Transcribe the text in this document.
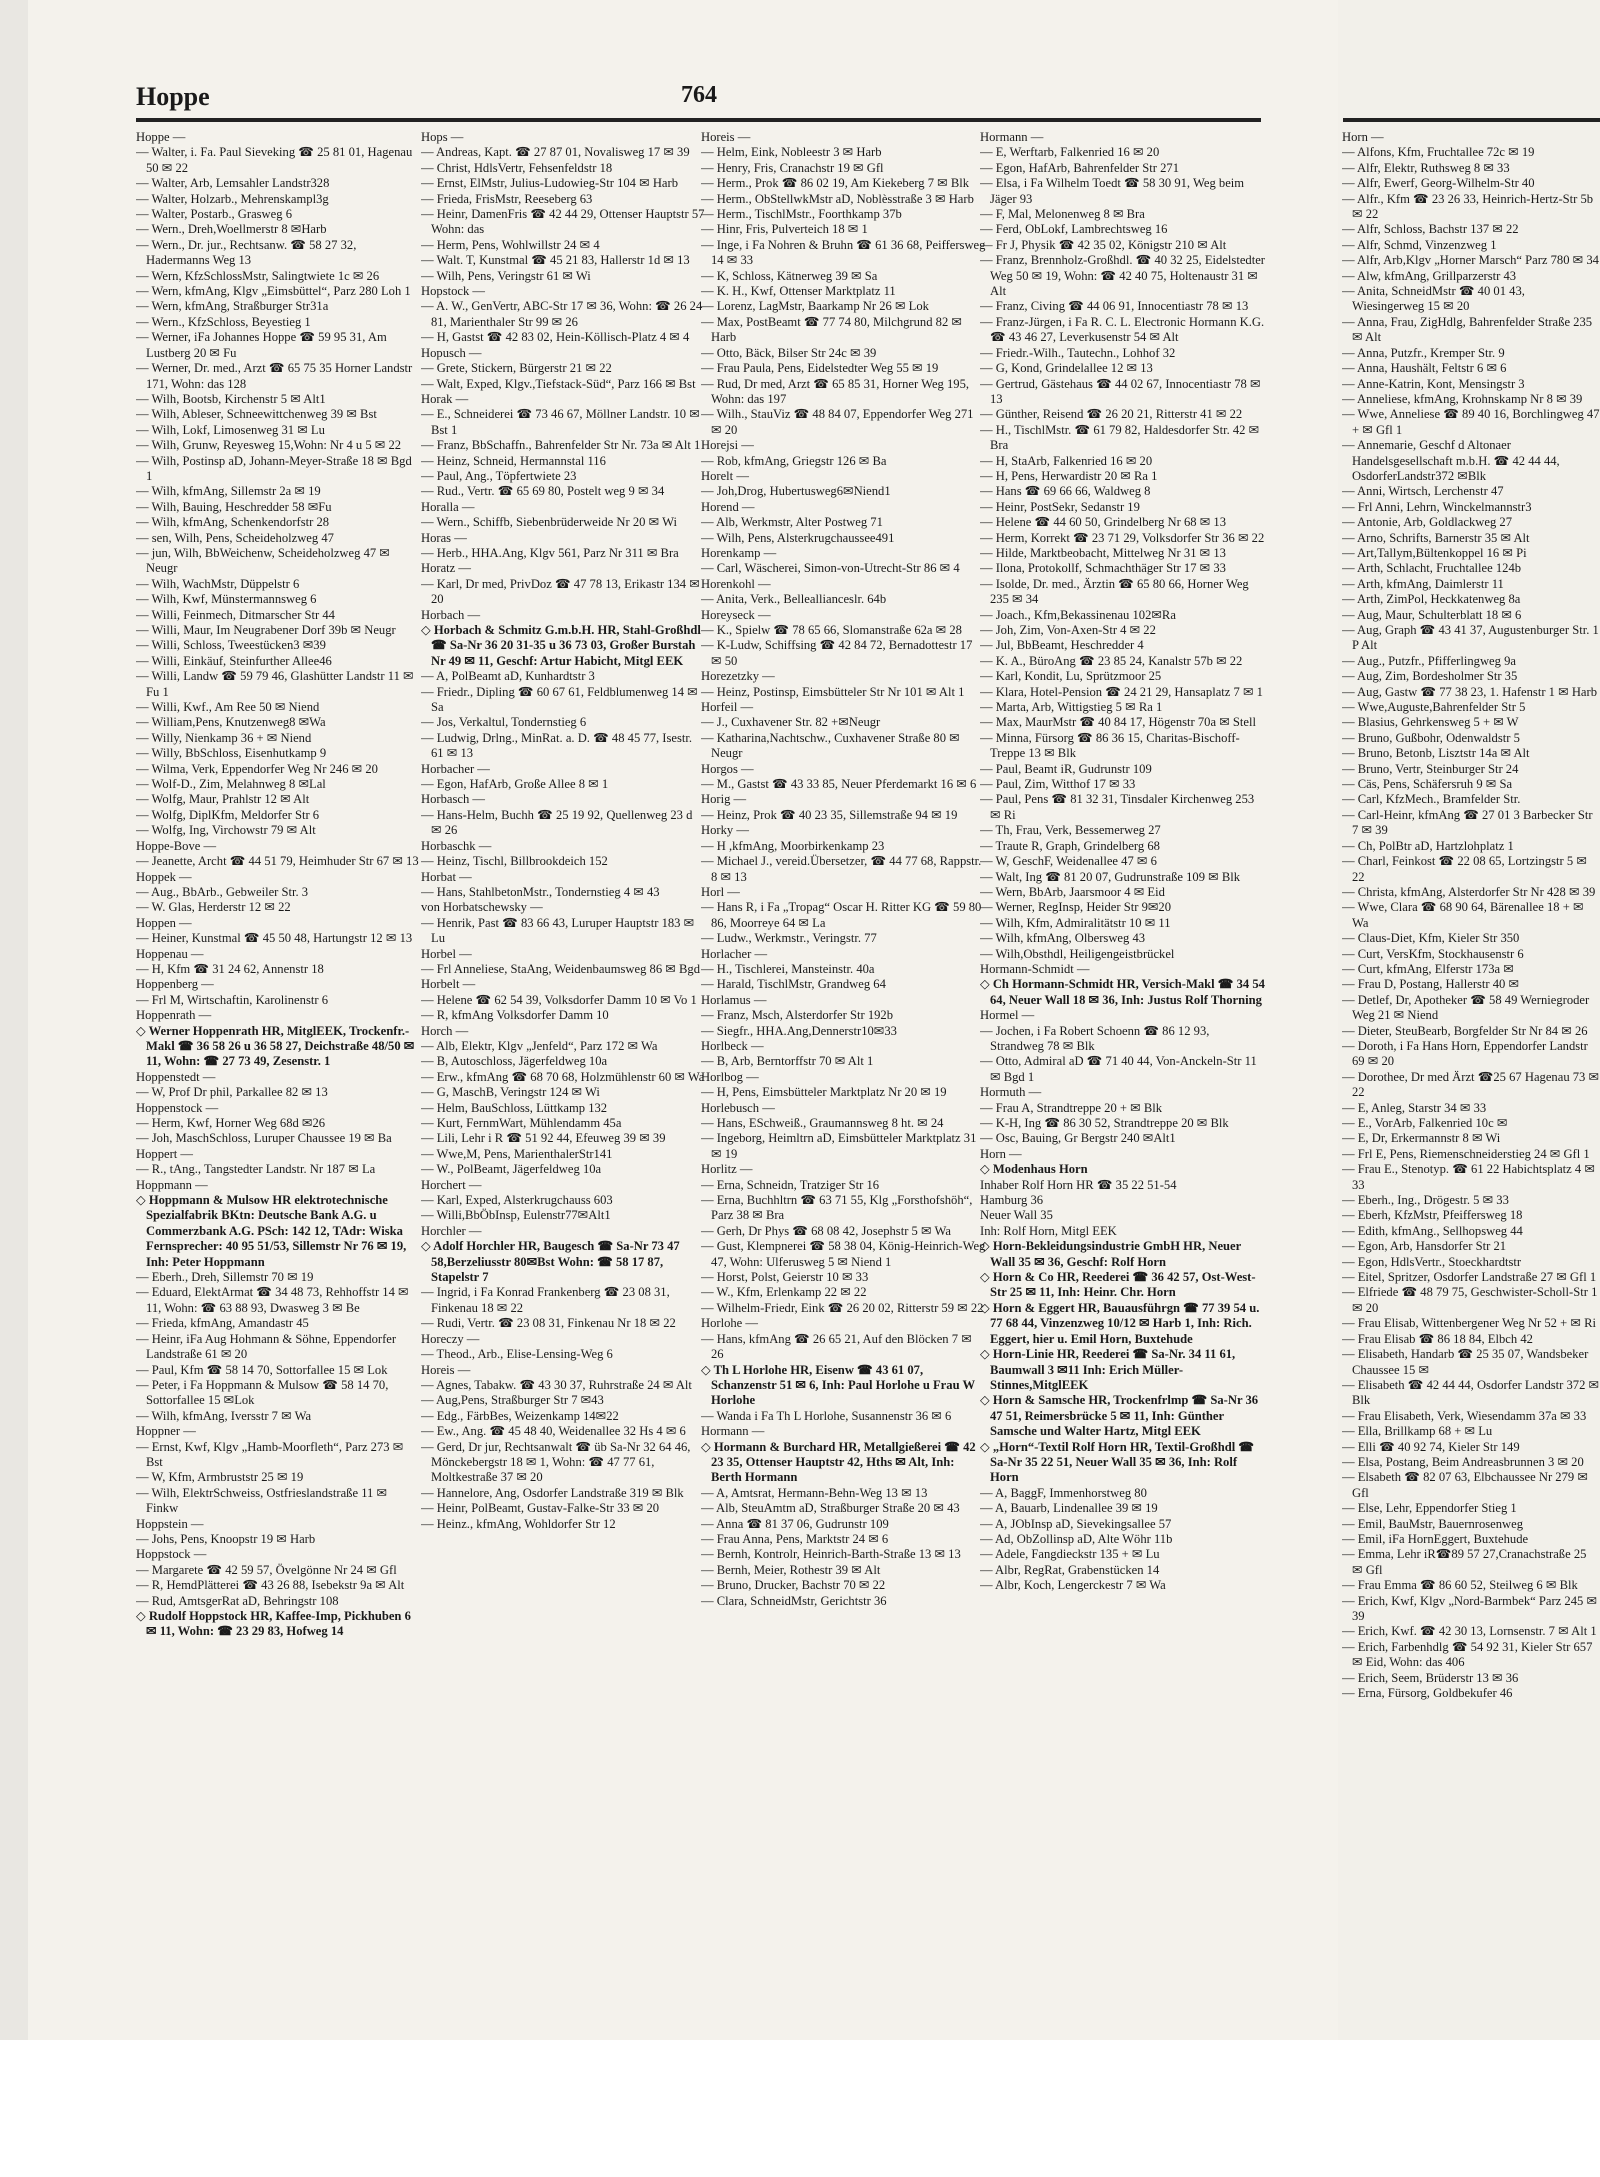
Hoppe	764

Hoppe —

— Walter, i. Fa. Paul Sieveking ☎ 25 81 01, Hagenau 50 ✉ 22

— Walter, Arb, Lemsahler Landstr328

— Walter, Holzarb., Mehrenskampl3g

— Walter, Postarb., Grasweg 6

— Wern., Dreh,Woellmerstr 8 ✉Harb

— Wern., Dr. jur., Rechtsanw. ☎ 58 27 32, Hadermanns Weg 13

— Wern, KfzSchlossMstr, Salingtwiete 1c ✉ 26

— Wern, kfmAng, Klgv „Eimsbüttel“, Parz 280 Loh 1

— Wern, kfmAng, Straßburger Str31a

— Wern., KfzSchloss, Beyestieg 1

— Werner, iFa Johannes Hoppe ☎ 59 95 31, Am Lustberg 20 ✉ Fu

— Werner, Dr. med., Arzt ☎ 65 75 35 Horner Landstr 171, Wohn: das 128

— Wilh, Bootsb, Kirchenstr 5 ✉ Alt1

— Wilh, Ableser, Schneewittchenweg 39 ✉ Bst

— Wilh, Lokf, Limosenweg 31 ✉ Lu

— Wilh, Grunw, Reyesweg 15,Wohn: Nr 4 u 5 ✉ 22

— Wilh, Postinsp aD, Johann-Meyer-Straße 18 ✉ Bgd 1

— Wilh, kfmAng, Sillemstr 2a ✉ 19

— Wilh, Bauing, Heschredder 58 ✉Fu

— Wilh, kfmAng, Schenkendorfstr 28

— sen, Wilh, Pens, Scheideholzweg 47

— jun, Wilh, BbWeichenw, Scheideholzweg 47 ✉ Neugr

— Wilh, WachMstr, Düppelstr 6

— Wilh, Kwf, Münstermannsweg 6

— Willi, Feinmech, Ditmarscher Str 44

— Willi, Maur, Im Neugrabener Dorf 39b ✉ Neugr

— Willi, Schloss, Tweestücken3 ✉39

— Willi, Einkäuf, Steinfurther Allee46

— Willi, Landw ☎ 59 79 46, Glashütter Landstr 11 ✉ Fu 1

— Willi, Kwf., Am Ree 50 ✉ Niend

— William,Pens, Knutzenweg8 ✉Wa

— Willy, Nienkamp 36 + ✉ Niend

— Willy, BbSchloss, Eisenhutkamp 9

— Wilma, Verk, Eppendorfer Weg Nr 246 ✉ 20

— Wolf-D., Zim, Melahnweg 8 ✉Lal

— Wolfg, Maur, Prahlstr 12 ✉ Alt

— Wolfg, DiplKfm, Meldorfer Str 6

— Wolfg, Ing, Virchowstr 79 ✉ Alt

Hoppe-Bove —

— Jeanette, Archt ☎ 44 51 79, Heimhuder Str 67 ✉ 13

Hoppek —

— Aug., BbArb., Gebweiler Str. 3

— W. Glas, Herderstr 12 ✉ 22

Hoppen —

— Heiner, Kunstmal ☎ 45 50 48, Hartungstr 12 ✉ 13

Hoppenau —

— H, Kfm ☎ 31 24 62, Annenstr 18

Hoppenberg —

— Frl M, Wirtschaftin, Karolinenstr 6

Hoppenrath —

◇ Werner Hoppenrath HR, MitglEEK, Trockenfr.-Makl ☎ 36 58 26 u 36 58 27, Deichstraße 48/50 ✉ 11, Wohn: ☎ 27 73 49, Zesenstr. 1

Hoppenstedt —

— W, Prof Dr phil, Parkallee 82 ✉ 13

Hoppenstock —

— Herm, Kwf, Horner Weg 68d ✉26

— Joh, MaschSchloss, Luruper Chaussee 19 ✉ Ba

Hoppert —

— R., tAng., Tangstedter Landstr. Nr 187 ✉ La

Hoppmann —

◇ Hoppmann & Mulsow HR elektrotechnische Spezialfabrik BKtn: Deutsche Bank A.G. u Commerzbank A.G. PSch: 142 12, TAdr: Wiska Fernsprecher: 40 95 51/53, Sillemstr Nr 76 ✉ 19, Inh: Peter Hoppmann

— Eberh., Dreh, Sillemstr 70 ✉ 19

— Eduard, ElektArmat ☎ 34 48 73, Rehhoffstr 14 ✉ 11, Wohn: ☎ 63 88 93, Dwasweg 3 ✉ Be

— Frieda, kfmAng, Amandastr 45

— Heinr, iFa Aug Hohmann & Söhne, Eppendorfer Landstraße 61 ✉ 20

— Paul, Kfm ☎ 58 14 70, Sottorfallee 15 ✉ Lok

— Peter, i Fa Hoppmann & Mulsow ☎ 58 14 70, Sottorfallee 15 ✉Lok

— Wilh, kfmAng, Iversstr 7 ✉ Wa

Hoppner —

— Ernst, Kwf, Klgv „Hamb-Moorfleth“, Parz 273 ✉ Bst

— W, Kfm, Armbruststr 25 ✉ 19

— Wilh, ElektrSchweiss, Ostfrieslandstraße 11 ✉ Finkw

Hoppstein —

— Johs, Pens, Knoopstr 19 ✉ Harb

Hoppstock —

— Margarete ☎ 42 59 57, Övelgönne Nr 24 ✉ Gfl

— R, HemdPlätterei ☎ 43 26 88, Isebekstr 9a ✉ Alt

— Rud, AmtsgerRat aD, Behringstr 108

◇ Rudolf Hoppstock HR, Kaffee-Imp, Pickhuben 6 ✉ 11, Wohn: ☎ 23 29 83, Hofweg 14

Hops —

— Andreas, Kapt. ☎ 27 87 01, Novalisweg 17 ✉ 39

— Christ, HdlsVertr, Fehsenfeldstr 18

— Ernst, ElMstr, Julius-Ludowieg-Str 104 ✉ Harb

— Frieda, FrisMstr, Reeseberg 63

— Heinr, DamenFris ☎ 42 44 29, Ottenser Hauptstr 57 Wohn: das

— Herm, Pens, Wohlwillstr 24 ✉ 4

— Walt. T, Kunstmal ☎ 45 21 83, Hallerstr 1d ✉ 13

— Wilh, Pens, Veringstr 61 ✉ Wi

Hopstock —

— A. W., GenVertr, ABC-Str 17 ✉ 36, Wohn: ☎ 26 24 81, Marienthaler Str 99 ✉ 26

— H, Gastst ☎ 42 83 02, Hein-Köllisch-Platz 4 ✉ 4

Hopusch —

— Grete, Stickern, Bürgerstr 21 ✉ 22

— Walt, Exped, Klgv.,Tiefstack-Süd“, Parz 166 ✉ Bst

Horak —

— E., Schneiderei ☎ 73 46 67, Möllner Landstr. 10 ✉ Bst 1

— Franz, BbSchaffn., Bahrenfelder Str Nr. 73a ✉ Alt 1

— Heinz, Schneid, Hermannstal 116

— Paul, Ang., Töpfertwiete 23

— Rud., Vertr. ☎ 65 69 80, Postelt weg 9 ✉ 34

Horalla —

— Wern., Schiffb, Siebenbrüderweide Nr 20 ✉ Wi

Horas —

— Herb., HHA.Ang, Klgv 561, Parz Nr 311 ✉ Bra

Horatz —

— Karl, Dr med, PrivDoz ☎ 47 78 13, Erikastr 134 ✉ 20

Horbach —

◇ Horbach & Schmitz G.m.b.H. HR, Stahl-Großhdl ☎ Sa-Nr 36 20 31-35 u 36 73 03, Großer Burstah Nr 49 ✉ 11, Geschf: Artur Habicht, Mitgl EEK

— A, PolBeamt aD, Kunhardtstr 3

— Friedr., Dipling ☎ 60 67 61, Feldblumenweg 14 ✉ Sa

— Jos, Verkaltul, Tondernstieg 6

— Ludwig, Drlng., MinRat. a. D. ☎ 48 45 77, Isestr. 61 ✉ 13

Horbacher —

— Egon, HafArb, Große Allee 8 ✉ 1

Horbasch —

— Hans-Helm, Buchh ☎ 25 19 92, Quellenweg 23 d ✉ 26

Horbaschk —

— Heinz, Tischl, Billbrookdeich 152

Horbat —

— Hans, StahlbetonMstr., Tondernstieg 4 ✉ 43

von Horbatschewsky —

— Henrik, Past ☎ 83 66 43, Luruper Hauptstr 183 ✉ Lu

Horbel —

— Frl Anneliese, StaAng, Weidenbaumsweg 86 ✉ Bgd

Horbelt —

— Helene ☎ 62 54 39, Volksdorfer Damm 10 ✉ Vo 1

— R, kfmAng Volksdorfer Damm 10

Horch —

— Alb, Elektr, Klgv „Jenfeld“, Parz 172 ✉ Wa

— B, Autoschloss, Jägerfeldweg 10a

— Erw., kfmAng ☎ 68 70 68, Holzmühlenstr 60 ✉ Wa

— G, MaschB, Veringstr 124 ✉ Wi

— Helm, BauSchloss, Lüttkamp 132

— Kurt, FernmWart, Mühlendamm 45a

— Lili, Lehr i R ☎ 51 92 44, Efeuweg 39 ✉ 39

— Wwe,M, Pens, MarienthalerStr141

— W., PolBeamt, Jägerfeldweg 10a

Horchert —

— Karl, Exped, Alsterkrugchauss 603

— Willi,BbÖbInsp, Eulenstr77✉Alt1

Horchler —

◇ Adolf Horchler HR, Baugesch ☎ Sa-Nr 73 47 58,Berzeliusstr 80✉Bst Wohn: ☎ 58 17 87, Stapelstr 7

— Ingrid, i Fa Konrad Frankenberg ☎ 23 08 31, Finkenau 18 ✉ 22

— Rudi, Vertr. ☎ 23 08 31, Finkenau Nr 18 ✉ 22

Horeczy —

— Theod., Arb., Elise-Lensing-Weg 6

Horeis —

— Agnes, Tabakw. ☎ 43 30 37, Ruhrstraße 24 ✉ Alt

— Aug,Pens, Straßburger Str 7 ✉43

— Edg., FärbBes, Weizenkamp 14✉22

— Ew., Ang. ☎ 45 48 40, Weidenallee 32 Hs 4 ✉ 6

— Gerd, Dr jur, Rechtsanwalt ☎ üb Sa-Nr 32 64 46, Mönckebergstr 18 ✉ 1, Wohn: ☎ 47 77 61, Moltkestraße 37 ✉ 20

— Hannelore, Ang, Osdorfer Landstraße 319 ✉ Blk

— Heinr, PolBeamt, Gustav-Falke-Str 33 ✉ 20

— Heinz., kfmAng, Wohldorfer Str 12

Horeis —

— Helm, Eink, Nobleestr 3 ✉ Harb

— Henry, Fris, Cranachstr 19 ✉ Gfl

— Herm., Prok ☎ 86 02 19, Am Kiekeberg 7 ✉ Blk

— Herm., ObStellwkMstr aD, Noblèsstraße 3 ✉ Harb

— Herm., TischlMstr., Foorthkamp 37b

— Hinr, Fris, Pulverteich 18 ✉ 1

— Inge, i Fa Nohren & Bruhn ☎ 61 36 68, Peiffersweg 14 ✉ 33

— K, Schloss, Kätnerweg 39 ✉ Sa

— K. H., Kwf, Ottenser Marktplatz 11

— Lorenz, LagMstr, Baarkamp Nr 26 ✉ Lok

— Max, PostBeamt ☎ 77 74 80, Milchgrund 82 ✉ Harb

— Otto, Bäck, Bilser Str 24c ✉ 39

— Frau Paula, Pens, Eidelstedter Weg 55 ✉ 19

— Rud, Dr med, Arzt ☎ 65 85 31, Horner Weg 195, Wohn: das 197

— Wilh., StauViz ☎ 48 84 07, Eppendorfer Weg 271 ✉ 20

Horejsi —

— Rob, kfmAng, Griegstr 126 ✉ Ba

Horelt —

— Joh,Drog, Hubertusweg6✉Niend1

Horend —

— Alb, Werkmstr, Alter Postweg 71

— Wilh, Pens, Alsterkrugchaussee491

Horenkamp —

— Carl, Wäscherei, Simon-von-Utrecht-Str 86 ✉ 4

Horenkohl —

— Anita, Verk., Belleallianceslr. 64b

Horeyseck —

— K., Spielw ☎ 78 65 66, Slomanstraße 62a ✉ 28

— K-Ludw, Schiffsing ☎ 42 84 72, Bernadottestr 17 ✉ 50

Horezetzky —

— Heinz, Postinsp, Eimsbütteler Str Nr 101 ✉ Alt 1

Horfeil —

— J., Cuxhavener Str. 82 +✉Neugr

— Katharina,Nachtschw., Cuxhavener Straße 80 ✉ Neugr

Horgos —

— M., Gastst ☎ 43 33 85, Neuer Pferdemarkt 16 ✉ 6

Horig —

— Heinz, Prok ☎ 40 23 35, Sillemstraße 94 ✉ 19

Horky —

— H ,kfmAng, Moorbirkenkamp 23

— Michael J., vereid.Übersetzer, ☎ 44 77 68, Rappstr. 8 ✉ 13

Horl —

— Hans R, i Fa „Tropag“ Oscar H. Ritter KG ☎ 59 80 86, Moorreye 64 ✉ La

— Ludw., Werkmstr., Veringstr. 77

Horlacher —

— H., Tischlerei, Mansteinstr. 40a

— Harald, TischlMstr, Grandweg 64

Horlamus —

— Franz, Msch, Alsterdorfer Str 192b

— Siegfr., HHA.Ang,Dennerstr10✉33

Horlbeck —

— B, Arb, Berntorffstr 70 ✉ Alt 1

Horlbog —

— H, Pens, Eimsbütteler Marktplatz Nr 20 ✉ 19

Horlebusch —

— Hans, ESchweiß., Graumannsweg 8 ht. ✉ 24

— Ingeborg, Heimltrn aD, Eimsbütteler Marktplatz 31 ✉ 19

Horlitz —

— Erna, Schneidn, Tratziger Str 16

— Erna, Buchhltrn ☎ 63 71 55, Klg „Forsthofshöh“, Parz 38 ✉ Bra

— Gerh, Dr Phys ☎ 68 08 42, Josephstr 5 ✉ Wa

— Gust, Klempnerei ☎ 58 38 04, König-Heinrich-Weg 47, Wohn: Ulferusweg 5 ✉ Niend 1

— Horst, Polst, Geierstr 10 ✉ 33

— W., Kfm, Erlenkamp 22 ✉ 22

— Wilhelm-Friedr, Eink ☎ 26 20 02, Ritterstr 59 ✉ 22

Horlohe —

— Hans, kfmAng ☎ 26 65 21, Auf den Blöcken 7 ✉ 26

◇ Th L Horlohe HR, Eisenw ☎ 43 61 07, Schanzenstr 51 ✉ 6, Inh: Paul Horlohe u Frau W Horlohe

— Wanda i Fa Th L Horlohe, Susannenstr 36 ✉ 6

Hormann —

◇ Hormann & Burchard HR, Metallgießerei ☎ 42 23 35, Ottenser Hauptstr 42, Hths ✉ Alt, Inh: Berth Hormann

— A, Amtsrat, Hermann-Behn-Weg 13 ✉ 13

— Alb, SteuAmtm aD, Straßburger Straße 20 ✉ 43

— Anna ☎ 81 37 06, Gudrunstr 109

— Frau Anna, Pens, Marktstr 24 ✉ 6

— Bernh, Kontrolr, Heinrich-Barth-Straße 13 ✉ 13

— Bernh, Meier, Rothestr 39 ✉ Alt

— Bruno, Drucker, Bachstr 70 ✉ 22

— Clara, SchneidMstr, Gerichtstr 36

Hormann —

— E, Werftarb, Falkenried 16 ✉ 20

— Egon, HafArb, Bahrenfelder Str 271

— Elsa, i Fa Wilhelm Toedt ☎ 58 30 91, Weg beim Jäger 93

— F, Mal, Melonenweg 8 ✉ Bra

— Ferd, ObLokf, Lambrechtsweg 16

— Fr J, Physik ☎ 42 35 02, Königstr 210 ✉ Alt

— Franz, Brennholz-Großhdl. ☎ 40 32 25, Eidelstedter Weg 50 ✉ 19, Wohn: ☎ 42 40 75, Holtenaustr 31 ✉ Alt

— Franz, Civing ☎ 44 06 91, Innocentiastr 78 ✉ 13

— Franz-Jürgen, i Fa R. C. L. Electronic Hormann K.G. ☎ 43 46 27, Leverkusenstr 54 ✉ Alt

— Friedr.-Wilh., Tautechn., Lohhof 32

— G, Kond, Grindelallee 12 ✉ 13

— Gertrud, Gästehaus ☎ 44 02 67, Innocentiastr 78 ✉ 13

— Günther, Reisend ☎ 26 20 21, Ritterstr 41 ✉ 22

— H., TischlMstr. ☎ 61 79 82, Haldesdorfer Str. 42 ✉ Bra

— H, StaArb, Falkenried 16 ✉ 20

— H, Pens, Herwardistr 20 ✉ Ra 1

— Hans ☎ 69 66 66, Waldweg 8

— Heinr, PostSekr, Sedanstr 19

— Helene ☎ 44 60 50, Grindelberg Nr 68 ✉ 13

— Herm, Korrekt ☎ 23 71 29, Volksdorfer Str 36 ✉ 22

— Hilde, Marktbeobacht, Mittelweg Nr 31 ✉ 13

— Ilona, Protokollf, Schmachthäger Str 17 ✉ 33

— Isolde, Dr. med., Ärztin ☎ 65 80 66, Horner Weg 235 ✉ 34

— Joach., Kfm,Bekassinenau 102✉Ra

— Joh, Zim, Von-Axen-Str 4 ✉ 22

— Jul, BbBeamt, Heschredder 4

— K. A., BüroAng ☎ 23 85 24, Kanalstr 57b ✉ 22

— Karl, Kondit, Lu, Sprützmoor 25

— Klara, Hotel-Pension ☎ 24 21 29, Hansaplatz 7 ✉ 1

— Marta, Arb, Wittigstieg 5 ✉ Ra 1

— Max, MaurMstr ☎ 40 84 17, Högenstr 70a ✉ Stell

— Minna, Fürsorg ☎ 86 36 15, Charitas-Bischoff-Treppe 13 ✉ Blk

— Paul, Beamt iR, Gudrunstr 109

— Paul, Zim, Witthof 17 ✉ 33

— Paul, Pens ☎ 81 32 31, Tinsdaler Kirchenweg 253 ✉ Ri

— Th, Frau, Verk, Bessemerweg 27

— Traute R, Graph, Grindelberg 68

— W, GeschF, Weidenallee 47 ✉ 6

— Walt, Ing ☎ 81 20 07, Gudrunstraße 109 ✉ Blk

— Wern, BbArb, Jaarsmoor 4 ✉ Eid

— Werner, RegInsp, Heider Str 9✉20

— Wilh, Kfm, Admiralitätstr 10 ✉ 11

— Wilh, kfmAng, Olbersweg 43

— Wilh,Obsthdl, Heiligengeistbrückel

Hormann-Schmidt —

◇ Ch Hormann-Schmidt HR, Versich-Makl ☎ 34 54 64, Neuer Wall 18 ✉ 36, Inh: Justus Rolf Thorning

Hormel —

— Jochen, i Fa Robert Schoenn ☎ 86 12 93, Strandweg 78 ✉ Blk

— Otto, Admiral aD ☎ 71 40 44, Von-Anckeln-Str 11 ✉ Bgd 1

Hormuth —

— Frau A, Strandtreppe 20 + ✉ Blk

— K-H, Ing ☎ 86 30 52, Strandtreppe 20 ✉ Blk

— Osc, Bauing, Gr Bergstr 240 ✉Alt1

Horn —

◇ Modenhaus Horn

Inhaber Rolf Horn HR ☎ 35 22 51-54

Hamburg 36

Neuer Wall 35

Inh: Rolf Horn, Mitgl EEK

◇ Horn-Bekleidungsindustrie GmbH HR, Neuer Wall 35 ✉ 36, Geschf: Rolf Horn

◇ Horn & Co HR, Reederei ☎ 36 42 57, Ost-West-Str 25 ✉ 11, Inh: Heinr. Chr. Horn

◇ Horn & Eggert HR, Bauausführgn ☎ 77 39 54 u. 77 68 44, Vinzenzweg 10/12 ✉ Harb 1, Inh: Rich. Eggert, hier u. Emil Horn, Buxtehude

◇ Horn-Linie HR, Reederei ☎ Sa-Nr. 34 11 61, Baumwall 3 ✉11 Inh: Erich Müller-Stinnes,MitglEEK

◇ Horn & Samsche HR, Trockenfrlmp ☎ Sa-Nr 36 47 51, Reimersbrücke 5 ✉ 11, Inh: Günther Samsche und Walter Hartz, Mitgl EEK

◇ „Horn“-Textil Rolf Horn HR, Textil-Großhdl ☎ Sa-Nr 35 22 51, Neuer Wall 35 ✉ 36, Inh: Rolf Horn

— A, BaggF, Immenhorstweg 80

— A, Bauarb, Lindenallee 39 ✉ 19

— A, JObInsp aD, Sievekingsallee 57

— Ad, ObZollinsp aD, Alte Wöhr 11b

— Adele, Fangdieckstr 135 + ✉ Lu

— Albr, RegRat, Grabenstücken 14

— Albr, Koch, Lengerckestr 7 ✉ Wa

Horn —

— Alfons, Kfm, Fruchtallee 72c ✉ 19

— Alfr, Elektr, Ruthsweg 8 ✉ 33

— Alfr, Ewerf, Georg-Wilhelm-Str 40

— Alfr., Kfm ☎ 23 26 33, Heinrich-Hertz-Str 5b ✉ 22

— Alfr, Schloss, Bachstr 137 ✉ 22

— Alfr, Schmd, Vinzenzweg 1

— Alfr, Arb,Klgv „Horner Marsch“ Parz 780 ✉ 34

— Alw, kfmAng, Grillparzerstr 43

— Anita, SchneidMstr ☎ 40 01 43, Wiesingerweg 15 ✉ 20

— Anna, Frau, ZigHdlg, Bahrenfelder Straße 235 ✉ Alt

— Anna, Putzfr., Kremper Str. 9

— Anna, Haushält, Feltstr 6 ✉ 6

— Anne-Katrin, Kont, Mensingstr 3

— Anneliese, kfmAng, Krohnskamp Nr 8 ✉ 39

— Wwe, Anneliese ☎ 89 40 16, Borchlingweg 47 + ✉ Gfl 1

— Annemarie, Geschf d Altonaer Handelsgesellschaft m.b.H. ☎ 42 44 44, OsdorferLandstr372 ✉Blk

— Anni, Wirtsch, Lerchenstr 47

— Frl Anni, Lehrn, Winckelmannstr3

— Antonie, Arb, Goldlackweg 27

— Arno, Schrifts, Barnerstr 35 ✉ Alt

— Art,Tallym,Bültenkoppel 16 ✉ Pi

— Arth, Schlacht, Fruchtallee 124b

— Arth, kfmAng, Daimlerstr 11

— Arth, ZimPol, Heckkatenweg 8a

— Aug, Maur, Schulterblatt 18 ✉ 6

— Aug, Graph ☎ 43 41 37, Augustenburger Str. 1 P Alt

— Aug., Putzfr., Pfifferlingweg 9a

— Aug, Zim, Bordesholmer Str 35

— Aug, Gastw ☎ 77 38 23, 1. Hafenstr 1 ✉ Harb

— Wwe,Auguste,Bahrenfelder Str 5

— Blasius, Gehrkensweg 5 + ✉ W

— Bruno, Gußbohr, Odenwaldstr 5

— Bruno, Betonb, Lisztstr 14a ✉ Alt

— Bruno, Vertr, Steinburger Str 24

— Cäs, Pens, Schäfersruh 9 ✉ Sa

— Carl, KfzMech., Bramfelder Str.

— Carl-Heinr, kfmAng ☎ 27 01 3 Barbecker Str 7 ✉ 39

— Ch, PolBtr aD, Hartzlohplatz 1

— Charl, Feinkost ☎ 22 08 65, Lortzingstr 5 ✉ 22

— Christa, kfmAng, Alsterdorfer Str Nr 428 ✉ 39

— Wwe, Clara ☎ 68 90 64, Bärenallee 18 + ✉ Wa

— Claus-Diet, Kfm, Kieler Str 350

— Curt, VersKfm, Stockhausenstr 6

— Curt, kfmAng, Elferstr 173a ✉

— Frau D, Postang, Hallerstr 40 ✉

— Detlef, Dr, Apotheker ☎ 58 49 Werniegroder Weg 21 ✉ Niend

— Dieter, SteuBearb, Borgfelder Str Nr 84 ✉ 26

— Doroth, i Fa Hans Horn, Eppendorfer Landstr 69 ✉ 20

— Dorothee, Dr med Ärzt ☎25 67 Hagenau 73 ✉ 22

— E, Anleg, Starstr 34 ✉ 33

— E., VorArb, Falkenried 10c ✉

— E, Dr, Erkermannstr 8 ✉ Wi

— Frl E, Pens, Riemenschneiderstieg 24 ✉ Gfl 1

— Frau E., Stenotyp. ☎ 61 22 Habichtsplatz 4 ✉ 33

— Eberh., Ing., Drögestr. 5 ✉ 33

— Eberh, KfzMstr, Pfeiffersweg 18

— Edith, kfmAng., Sellhopsweg 44

— Egon, Arb, Hansdorfer Str 21

— Egon, HdlsVertr., Stoeckhardtstr

— Eitel, Spritzer, Osdorfer Landstraße 27 ✉ Gfl 1

— Elfriede ☎ 48 79 75, Geschwister-Scholl-Str 1 ✉ 20

— Frau Elisab, Wittenbergener Weg Nr 52 + ✉ Ri

— Frau Elisab ☎ 86 18 84, Elbch 42

— Elisabeth, Handarb ☎ 25 35 07, Wandsbeker Chaussee 15 ✉

— Elisabeth ☎ 42 44 44, Osdorfer Landstr 372 ✉ Blk

— Frau Elisabeth, Verk, Wiesendamm 37a ✉ 33

— Ella, Brillkamp 68 + ✉ Lu

— Elli ☎ 40 92 74, Kieler Str 149

— Elsa, Postang, Beim Andreasbrunnen 3 ✉ 20

— Elsabeth ☎ 82 07 63, Elbchaussee Nr 279 ✉ Gfl

— Else, Lehr, Eppendorfer Stieg 1

— Emil, BauMstr, Bauernrosenweg

— Emil, iFa HornEggert, Buxtehude

— Emma, Lehr iR☎89 57 27,Cranachstraße 25 ✉ Gfl

— Frau Emma ☎ 86 60 52, Steilweg 6 ✉ Blk

— Erich, Kwf, Klgv „Nord-Barmbek“ Parz 245 ✉ 39

— Erich, Kwf. ☎ 42 30 13, Lornsenstr. 7 ✉ Alt 1

— Erich, Farbenhdlg ☎ 54 92 31, Kieler Str 657 ✉ Eid, Wohn: das 406

— Erich, Seem, Brüderstr 13 ✉ 36

— Erna, Fürsorg, Goldbekufer 46
